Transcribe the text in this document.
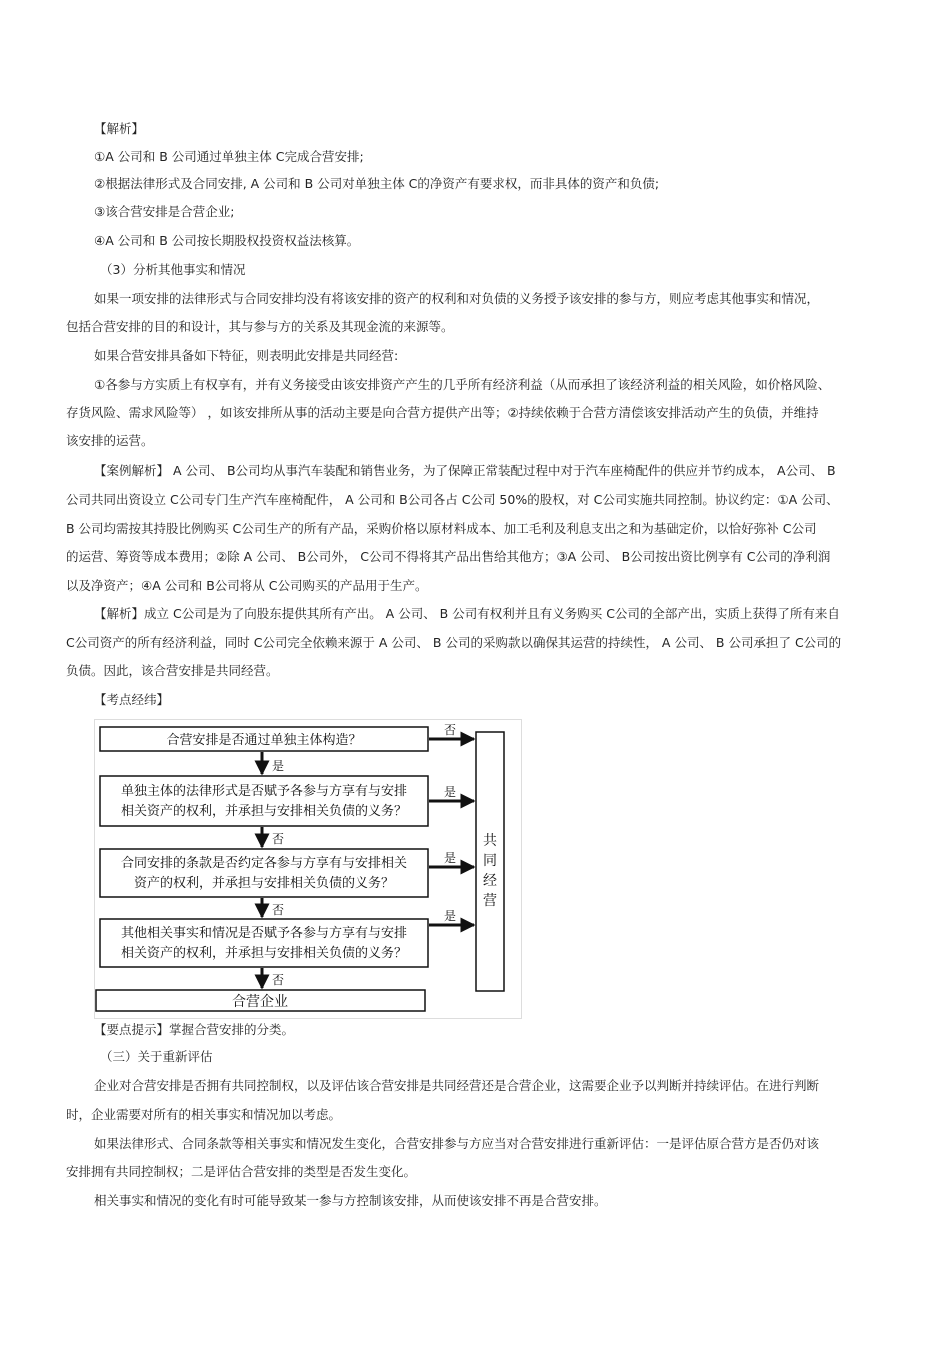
【解析】
①A 公司和 B 公司通过单独主体 C完成合营安排;
②根据法律形式及合同安排, A 公司和 B 公司对单独主体 C的净资产有要求权，而非具体的资产和负债;
③该合营安排是合营企业;
④A 公司和 B 公司按长期股权投资权益法核算。
（3）分析其他事实和情况
如果一项安排的法律形式与合同安排均没有将该安排的资产的权利和对负债的义务授予该安排的参与方，则应考虑其他事实和情况，
包括合营安排的目的和设计，其与参与方的关系及其现金流的来源等。
如果合营安排具备如下特征，则表明此安排是共同经营:
①各参与方实质上有权享有，并有义务接受由该安排资产产生的几乎所有经济利益（从而承担了该经济利益的相关风险，如价格风险、
存货风险、需求风险等） ，如该安排所从事的活动主要是向合营方提供产出等；②持续依赖于合营方清偿该安排活动产生的负债，并维持
该安排的运营。
【案例解析】 A 公司、 B公司均从事汽车装配和销售业务，为了保障正常装配过程中对于汽车座椅配件的供应并节约成本， A公司、 B
公司共同出资设立 C公司专门生产汽车座椅配件， A 公司和 B公司各占 C公司 50%的股权，对 C公司实施共同控制。协议约定：①A 公司、
B 公司均需按其持股比例购买 C公司生产的所有产品，采购价格以原材料成本、加工毛利及利息支出之和为基础定价，以恰好弥补 C公司
的运营、筹资等成本费用；②除 A 公司、 B公司外， C公司不得将其产品出售给其他方；③A 公司、 B公司按出资比例享有 C公司的净利润
以及净资产；④A 公司和 B公司将从 C公司购买的产品用于生产。
【解析】成立 C公司是为了向股东提供其所有产出。 A 公司、 B 公司有权利并且有义务购买 C公司的全部产出，实质上获得了所有来自
C公司资产的所有经济利益，同时 C公司完全依赖来源于 A 公司、 B 公司的采购款以确保其运营的持续性， A 公司、 B 公司承担了 C公司的
负债。因此，该合营安排是共同经营。
【考点经纬】
合营安排是否通过单独主体构造？
是
单独主体的法律形式是否赋予各参与方享有与安排
相关资产的权利，并承担与安排相关负债的义务？
否
合同安排的条款是否约定各参与方享有与安排相关
资产的权利，并承担与安排相关负债的义务？
否
其他相关事实和情况是否赋予各参与方享有与安排
相关资产的权利，并承担与安排相关负债的义务？
否
合营企业
共
同
经
营
否
是
是
是
【要点提示】掌握合营安排的分类。
（三）关于重新评估
企业对合营安排是否拥有共同控制权，以及评估该合营安排是共同经营还是合营企业，这需要企业予以判断并持续评估。在进行判断
时，企业需要对所有的相关事实和情况加以考虑。
如果法律形式、合同条款等相关事实和情况发生变化，合营安排参与方应当对合营安排进行重新评估：一是评估原合营方是否仍对该
安排拥有共同控制权；二是评估合营安排的类型是否发生变化。
相关事实和情况的变化有时可能导致某一参与方控制该安排，从而使该安排不再是合营安排。
